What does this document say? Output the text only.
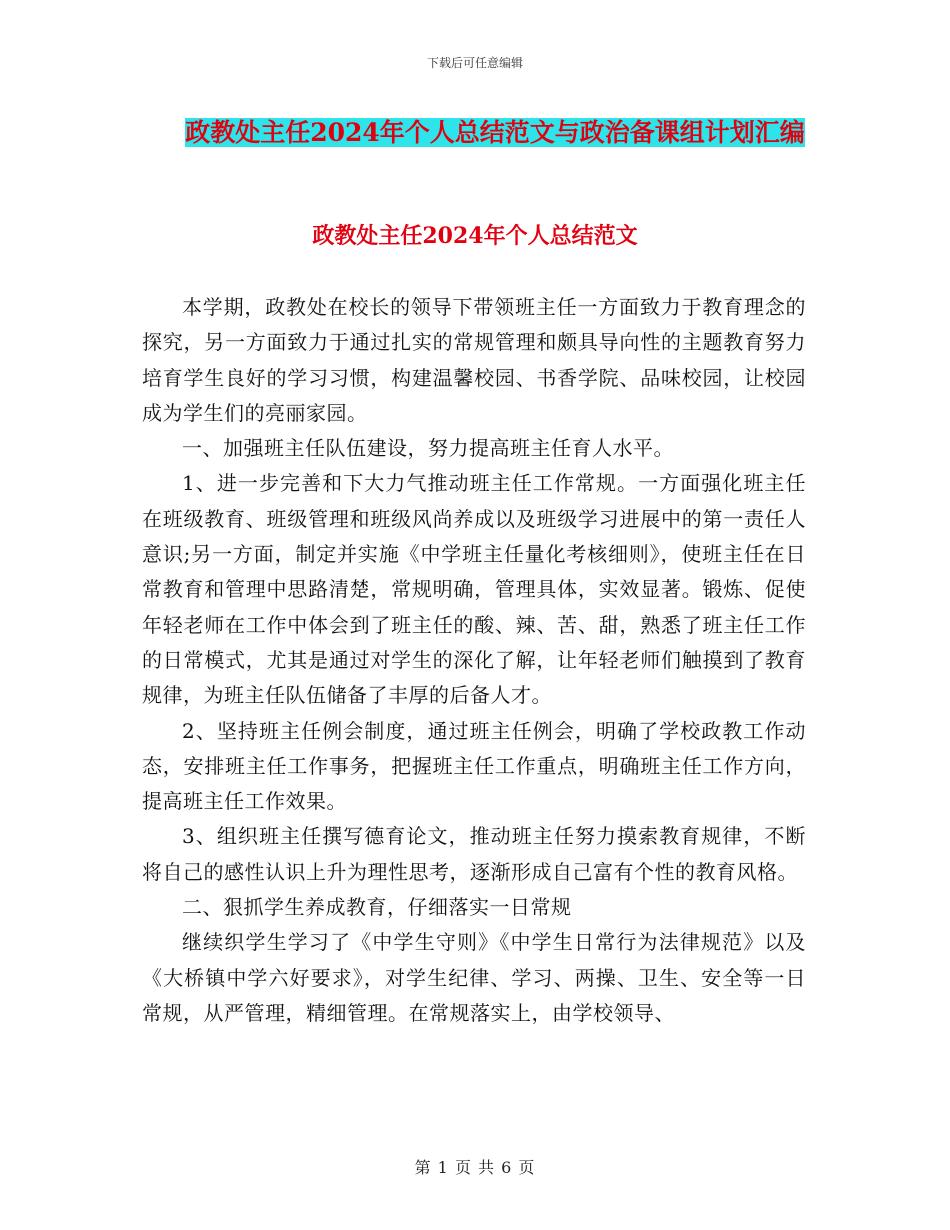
下载后可任意编辑
政教处主任2024年个人总结范文与政治备课组计划汇编
政教处主任2024年个人总结范文

本学期，政教处在校长的领导下带领班主任一方面致力于教育理念的探究，另一方面致力于通过扎实的常规管理和颇具导向性的主题教育努力培育学生良好的学习习惯，构建温馨校园、书香学院、品味校园，让校园成为学生们的亮丽家园。

一、加强班主任队伍建设，努力提高班主任育人水平。

1、进一步完善和下大力气推动班主任工作常规。一方面强化班主任在班级教育、班级管理和班级风尚养成以及班级学习进展中的第一责任人意识;另一方面，制定并实施《中学班主任量化考核细则》，使班主任在日常教育和管理中思路清楚，常规明确，管理具体，实效显著。锻炼、促使年轻老师在工作中体会到了班主任的酸、辣、苦、甜，熟悉了班主任工作的日常模式，尤其是通过对学生的深化了解，让年轻老师们触摸到了教育规律，为班主任队伍储备了丰厚的后备人才。

2、坚持班主任例会制度，通过班主任例会，明确了学校政教工作动态，安排班主任工作事务，把握班主任工作重点，明确班主任工作方向，提高班主任工作效果。

3、组织班主任撰写德育论文，推动班主任努力摸索教育规律，不断将自己的感性认识上升为理性思考，逐渐形成自己富有个性的教育风格。

二、狠抓学生养成教育，仔细落实一日常规

继续织学生学习了《中学生守则》《中学生日常行为法律规范》以及《大桥镇中学六好要求》，对学生纪律、学习、两操、卫生、安全等一日常规，从严管理，精细管理。在常规落实上，由学校领导、

第 1 页 共 6 页
